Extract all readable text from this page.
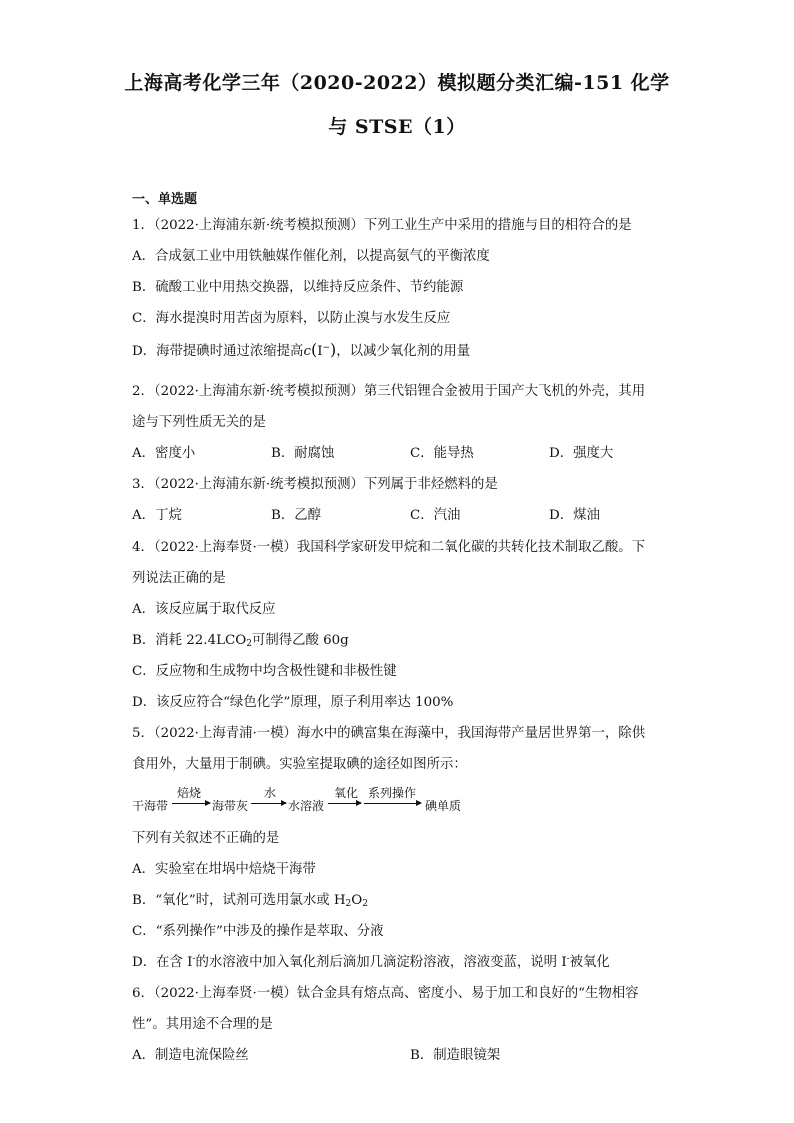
上海高考化学三年（2020-2022）模拟题分类汇编-151 化学
与 STSE（1）
一、单选题
1．（2022·上海浦东新·统考模拟预测）下列工业生产中采用的措施与目的相符合的是
A．合成氨工业中用铁触媒作催化剂，以提高氨气的平衡浓度
B．硫酸工业中用热交换器，以维持反应条件、节约能源
C．海水提溴时用苦卤为原料，以防止溴与水发生反应
D．海带提碘时通过浓缩提高c(I−)，以减少氧化剂的用量
2．（2022·上海浦东新·统考模拟预测）第三代铝锂合金被用于国产大飞机的外壳，其用
途与下列性质无关的是
A．密度小	B．耐腐蚀	C．能导热	D．强度大
3．（2022·上海浦东新·统考模拟预测）下列属于非烃燃料的是
A．丁烷	B．乙醇	C．汽油	D．煤油
4．（2022·上海奉贤·一模）我国科学家研发甲烷和二氧化碳的共转化技术制取乙酸。下
列说法正确的是
A．该反应属于取代反应
B．消耗 $22.4LCO_2$可制得乙酸 60g
C．反应物和生成物中均含极性键和非极性键
D．该反应符合“绿色化学”原理，原子利用率达 100%
5．（2022·上海青浦·一模）海水中的碘富集在海藻中，我国海带产量居世界第一，除供
食用外，大量用于制碘。实验室提取碘的途径如图所示：
干海带
焙烧
海带灰
水
水溶液
氧化 系列操作
碘单质
下列有关叙述不正确的是
A．实验室在坩埚中焙烧干海带
B．“氧化”时，试剂可选用氯水或 $H_2O_2$
C．“系列操作”中涉及的操作是萃取、分液
D．在含 I-的水溶液中加入氧化剂后滴加几滴淀粉溶液，溶液变蓝，说明 I-被氧化
6．（2022·上海奉贤·一模）钛合金具有熔点高、密度小、易于加工和良好的“生物相容
性”。其用途不合理的是
A．制造电流保险丝	B．制造眼镜架
